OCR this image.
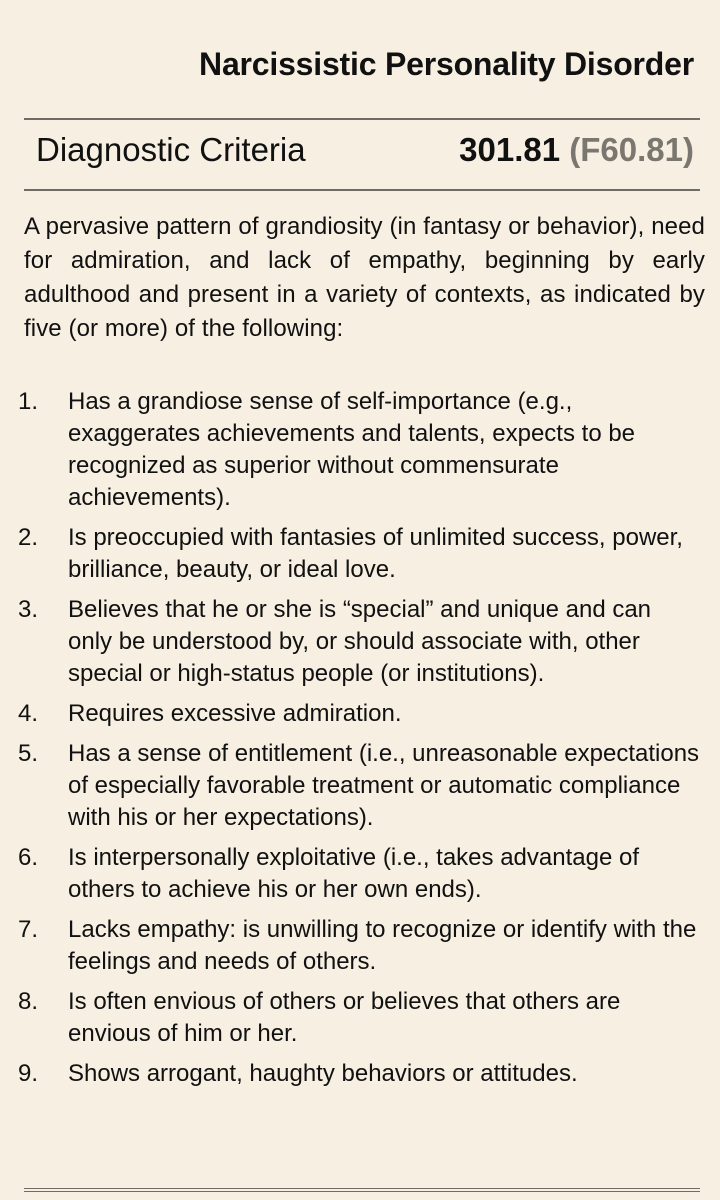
Narcissistic Personality Disorder
Diagnostic Criteria	301.81 (F60.81)

A pervasive pattern of grandiosity (in fantasy or behavior), need for admiration, and lack of empathy, beginning by early adulthood and present in a variety of contexts, as indicated by five (or more) of the following:

1. Has a grandiose sense of self-importance (e.g., exaggerates achievements and talents, expects to be recognized as superior without commensurate achievements).
2. Is preoccupied with fantasies of unlimited success, power, brilliance, beauty, or ideal love.
3. Believes that he or she is “special” and unique and can only be understood by, or should associate with, other special or high-status people (or institutions).
4. Requires excessive admiration.
5. Has a sense of entitlement (i.e., unreasonable expectations of especially favorable treatment or automatic compliance with his or her expectations).
6. Is interpersonally exploitative (i.e., takes advantage of others to achieve his or her own ends).
7. Lacks empathy: is unwilling to recognize or identify with the feelings and needs of others.
8. Is often envious of others or believes that others are envious of him or her.
9. Shows arrogant, haughty behaviors or attitudes.
